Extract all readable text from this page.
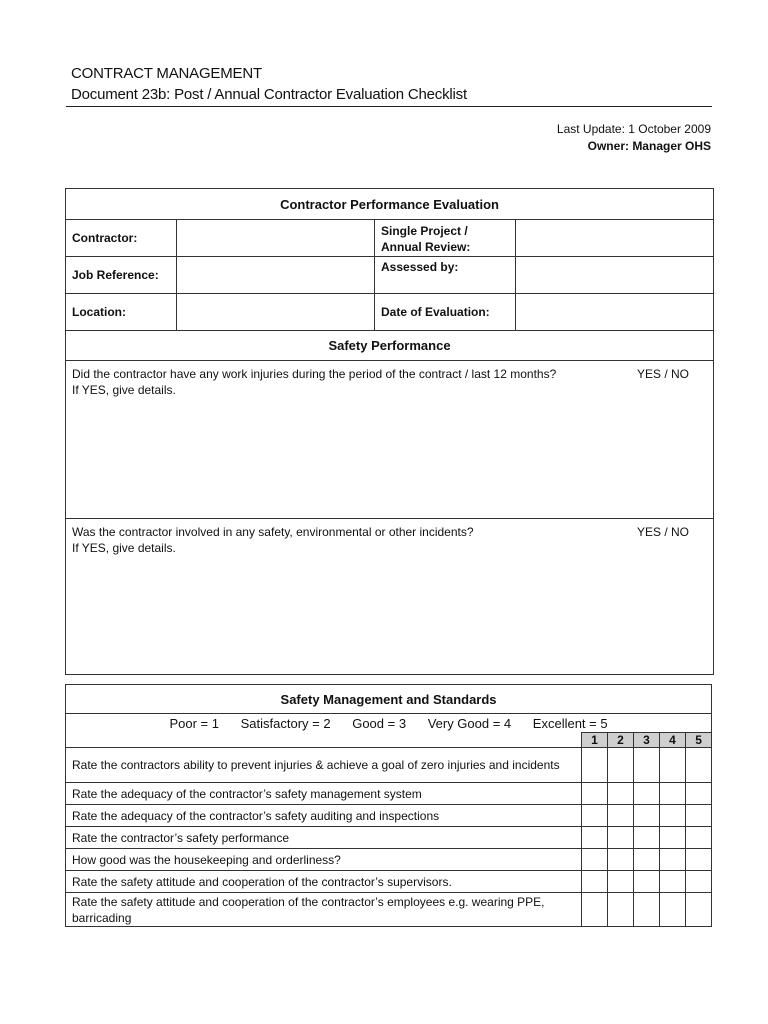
CONTRACT MANAGEMENT
Document 23b: Post / Annual Contractor Evaluation Checklist
Last Update: 1 October 2009
Owner: Manager OHS
Contractor Performance Evaluation			
Contractor:		Single Project /
Annual Review:	

Job Reference:		Assessed by:	
Location:		Date of Evaluation:	
Safety Performance			

Did the contractor have any work injuries during the period of the contract / last 12 months?
If YES, give details.
YES / NO			

Was the contractor involved in any safety, environmental or other incidents?
If YES, give details.
YES / NO			
Safety Management and Standards					
Poor = 1 Satisfactory = 2 Good = 3 Very Good = 4 Excellent = 5					
	1	2	3	4	5
Rate the contractors ability to prevent injuries & achieve a goal of zero injuries and incidents					
Rate the adequacy of the contractor’s safety management system					
Rate the adequacy of the contractor’s safety auditing and inspections					
Rate the contractor’s safety performance					
How good was the housekeeping and orderliness?					
Rate the safety attitude and cooperation of the contractor’s supervisors.					

Rate the safety attitude and cooperation of the contractor’s employees e.g. wearing PPE,
barricading					
